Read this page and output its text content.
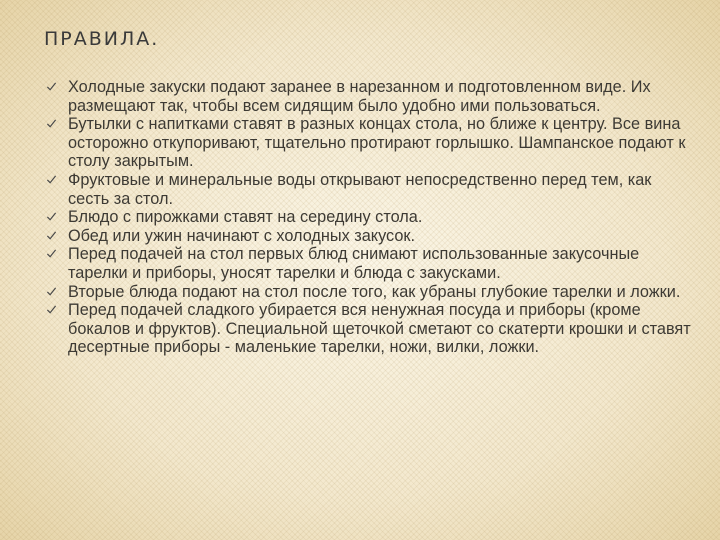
ПРАВИЛА.
Холодные закуски подают заранее в нарезанном и подготовленном виде. Их размещают так, чтобы всем сидящим было удобно ими пользоваться.
Бутылки с напитками ставят в разных концах стола, но ближе к центру. Все вина осторожно откупоривают, тщательно протирают горлышко. Шампанское подают к столу закрытым.
Фруктовые и минеральные воды открывают непосредственно перед тем, как сесть за стол.
Блюдо с пирожками ставят на середину стола.
Обед или ужин начинают с холодных закусок.
Перед подачей на стол первых блюд снимают использованные закусочные тарелки и приборы, уносят тарелки и блюда с закусками.
Вторые блюда подают на стол после того, как убраны глубокие тарелки и ложки.
Перед подачей сладкого убирается вся ненужная посуда и приборы (кроме бокалов и фруктов). Специальной щеточкой сметают со скатерти крошки и ставят десертные приборы - маленькие тарелки, ножи, вилки, ложки.
